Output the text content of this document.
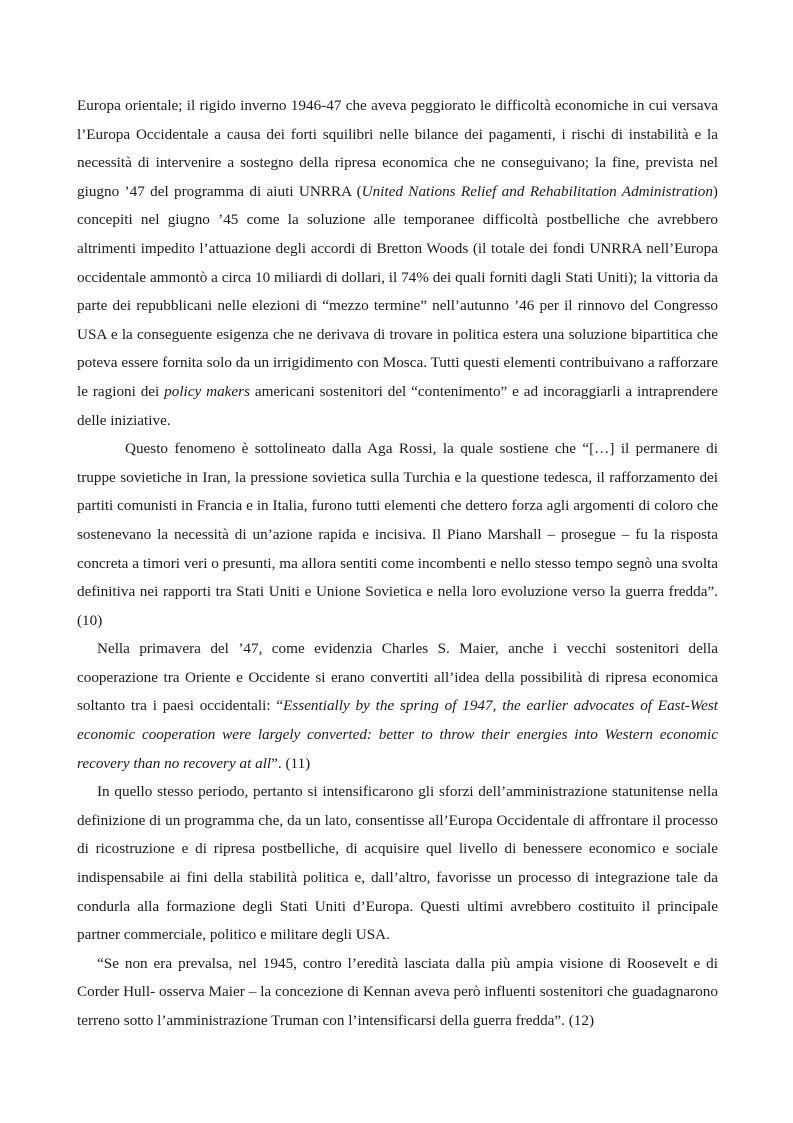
Europa orientale; il rigido inverno 1946-47 che aveva peggiorato le difficoltà economiche in cui versava l’Europa Occidentale a causa dei forti squilibri nelle bilance dei pagamenti, i rischi di instabilità e la necessità di intervenire a sostegno della ripresa economica che ne conseguivano; la fine, prevista nel giugno ’47 del programma di aiuti UNRRA (United Nations Relief and Rehabilitation Administration) concepiti nel giugno ’45 come la soluzione alle temporanee difficoltà postbelliche che avrebbero altrimenti impedito l’attuazione degli accordi di Bretton Woods (il totale dei fondi UNRRA nell’Europa occidentale ammontò a circa 10 miliardi di dollari, il 74% dei quali forniti dagli Stati Uniti); la vittoria da parte dei repubblicani nelle elezioni di “mezzo termine” nell’autunno ’46 per il rinnovo del Congresso USA e la conseguente esigenza che ne derivava di trovare in politica estera una soluzione bipartitica che poteva essere fornita solo da un irrigidimento con Mosca. Tutti questi elementi contribuivano a rafforzare le ragioni dei policy makers americani sostenitori del “contenimento” e ad incoraggiarli a intraprendere delle iniziative.

Questo fenomeno è sottolineato dalla Aga Rossi, la quale sostiene che “[…] il permanere di truppe sovietiche in Iran, la pressione sovietica sulla Turchia e la questione tedesca, il rafforzamento dei partiti comunisti in Francia e in Italia, furono tutti elementi che dettero forza agli argomenti di coloro che sostenevano la necessità di un’azione rapida e incisiva. Il Piano Marshall – prosegue – fu la risposta concreta a timori veri o presunti, ma allora sentiti come incombenti e nello stesso tempo segnò una svolta definitiva nei rapporti tra Stati Uniti e Unione Sovietica e nella loro evoluzione verso la guerra fredda”. (10)

Nella primavera del ’47, come evidenzia Charles S. Maier, anche i vecchi sostenitori della cooperazione tra Oriente e Occidente si erano convertiti all’idea della possibilità di ripresa economica soltanto tra i paesi occidentali: “Essentially by the spring of 1947, the earlier advocates of East-West economic cooperation were largely converted: better to throw their energies into Western economic recovery than no recovery at all”. (11)

In quello stesso periodo, pertanto si intensificarono gli sforzi dell’amministrazione statunitense nella definizione di un programma che, da un lato, consentisse all’Europa Occidentale di affrontare il processo di ricostruzione e di ripresa postbelliche, di acquisire quel livello di benessere economico e sociale indispensabile ai fini della stabilità politica e, dall’altro, favorisse un processo di integrazione tale da condurla alla formazione degli Stati Uniti d’Europa. Questi ultimi avrebbero costituito il principale partner commerciale, politico e militare degli USA.

“Se non era prevalsa, nel 1945, contro l’eredità lasciata dalla più ampia visione di Roosevelt e di Corder Hull- osserva Maier – la concezione di Kennan aveva però influenti sostenitori che guadagnarono terreno sotto l’amministrazione Truman con l’intensificarsi della guerra fredda”. (12)
